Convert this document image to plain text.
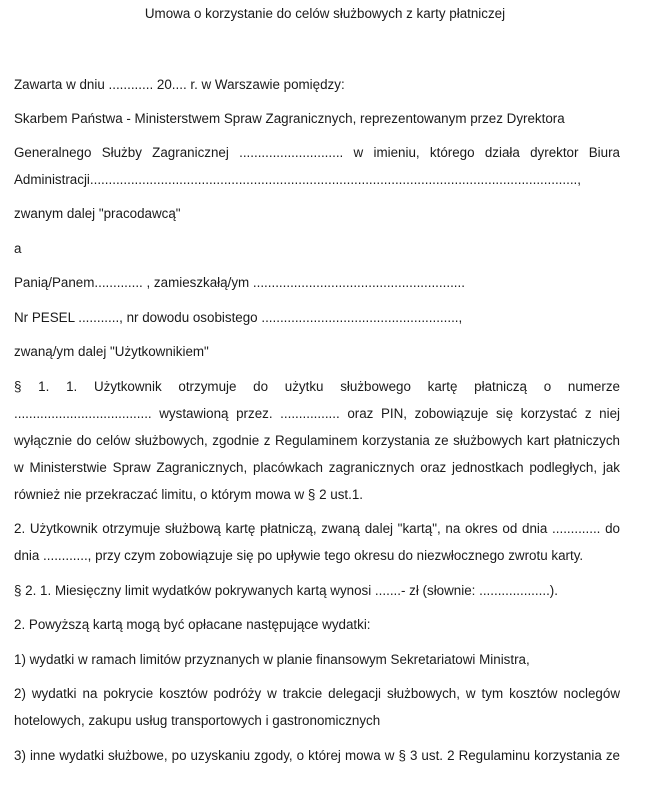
Umowa o korzystanie do celów służbowych z karty płatniczej
Zawarta w dniu ............ 20.... r. w Warszawie pomiędzy:
Skarbem Państwa - Ministerstwem Spraw Zagranicznych, reprezentowanym przez Dyrektora
Generalnego Służby Zagranicznej ............................ w imieniu, którego działa dyrektor Biura
Administracji...................................................................................................................................,
zwanym dalej "pracodawcą"
a
Panią/Panem............. , zamieszkałą/ym .........................................................
Nr PESEL ..........., nr dowodu osobistego .....................................................,
zwaną/ym dalej "Użytkownikiem"
§ 1. 1. Użytkownik otrzymuje do użytku służbowego kartę płatniczą o numerze
..................................... wystawioną przez. ................ oraz PIN, zobowiązuje się korzystać z niej
wyłącznie do celów służbowych, zgodnie z Regulaminem korzystania ze służbowych kart płatniczych
w Ministerstwie Spraw Zagranicznych, placówkach zagranicznych oraz jednostkach podległych, jak
również nie przekraczać limitu, o którym mowa w § 2 ust.1.
2. Użytkownik otrzymuje służbową kartę płatniczą, zwaną dalej "kartą", na okres od dnia ............. do
dnia ............, przy czym zobowiązuje się po upływie tego okresu do niezwłocznego zwrotu karty.
§ 2. 1. Miesięczny limit wydatków pokrywanych kartą wynosi .......- zł (słownie: ...................).
2. Powyższą kartą mogą być opłacane następujące wydatki:
1) wydatki w ramach limitów przyznanych w planie finansowym Sekretariatowi Ministra,
2) wydatki na pokrycie kosztów podróży w trakcie delegacji służbowych, w tym kosztów noclegów
hotelowych, zakupu usług transportowych i gastronomicznych
3) inne wydatki służbowe, po uzyskaniu zgody, o której mowa w § 3 ust. 2 Regulaminu korzystania ze
